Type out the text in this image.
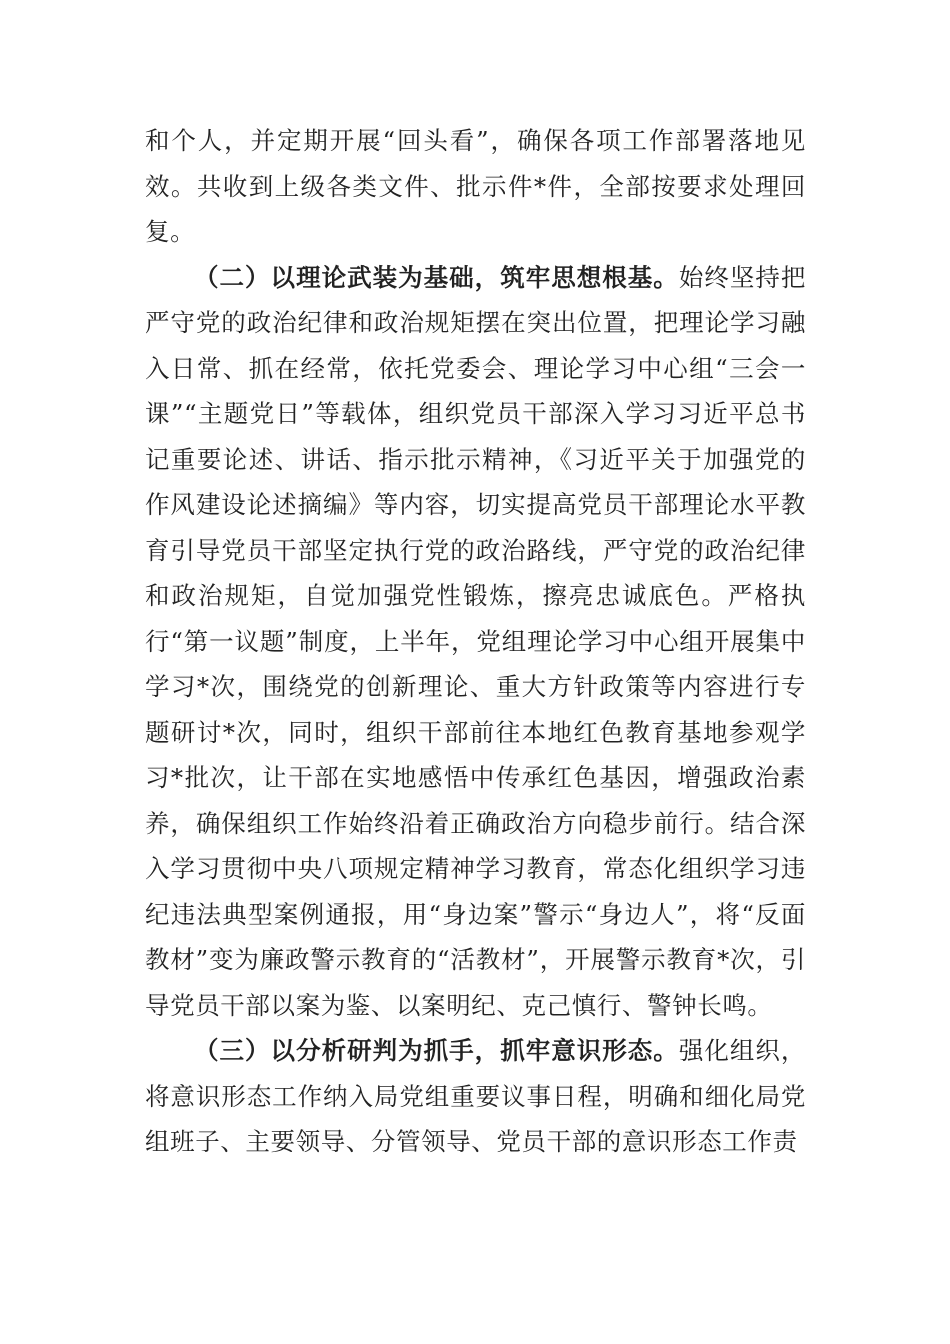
和个人，并定期开展“回头看”，确保各项工作部署落地见效。共收到上级各类文件、批示件*件，全部按要求处理回复。

（二）以理论武装为基础，筑牢思想根基。始终坚持把严守党的政治纪律和政治规矩摆在突出位置，把理论学习融入日常、抓在经常，依托党委会、理论学习中心组“三会一课”“主题党日”等载体，组织党员干部深入学习习近平总书记重要论述、讲话、指示批示精神，《习近平关于加强党的作风建设论述摘编》等内容，切实提高党员干部理论水平教育引导党员干部坚定执行党的政治路线，严守党的政治纪律和政治规矩，自觉加强党性锻炼，擦亮忠诚底色。严格执行“第一议题”制度，上半年，党组理论学习中心组开展集中学习*次，围绕党的创新理论、重大方针政策等内容进行专题研讨*次，同时，组织干部前往本地红色教育基地参观学习*批次，让干部在实地感悟中传承红色基因，增强政治素养，确保组织工作始终沿着正确政治方向稳步前行。结合深入学习贯彻中央八项规定精神学习教育，常态化组织学习违纪违法典型案例通报，用“身边案”警示“身边人”，将“反面教材”变为廉政警示教育的“活教材”，开展警示教育*次，引导党员干部以案为鉴、以案明纪、克己慎行、警钟长鸣。

（三）以分析研判为抓手，抓牢意识形态。强化组织，将意识形态工作纳入局党组重要议事日程，明确和细化局党组班子、主要领导、分管领导、党员干部的意识形态工作责
